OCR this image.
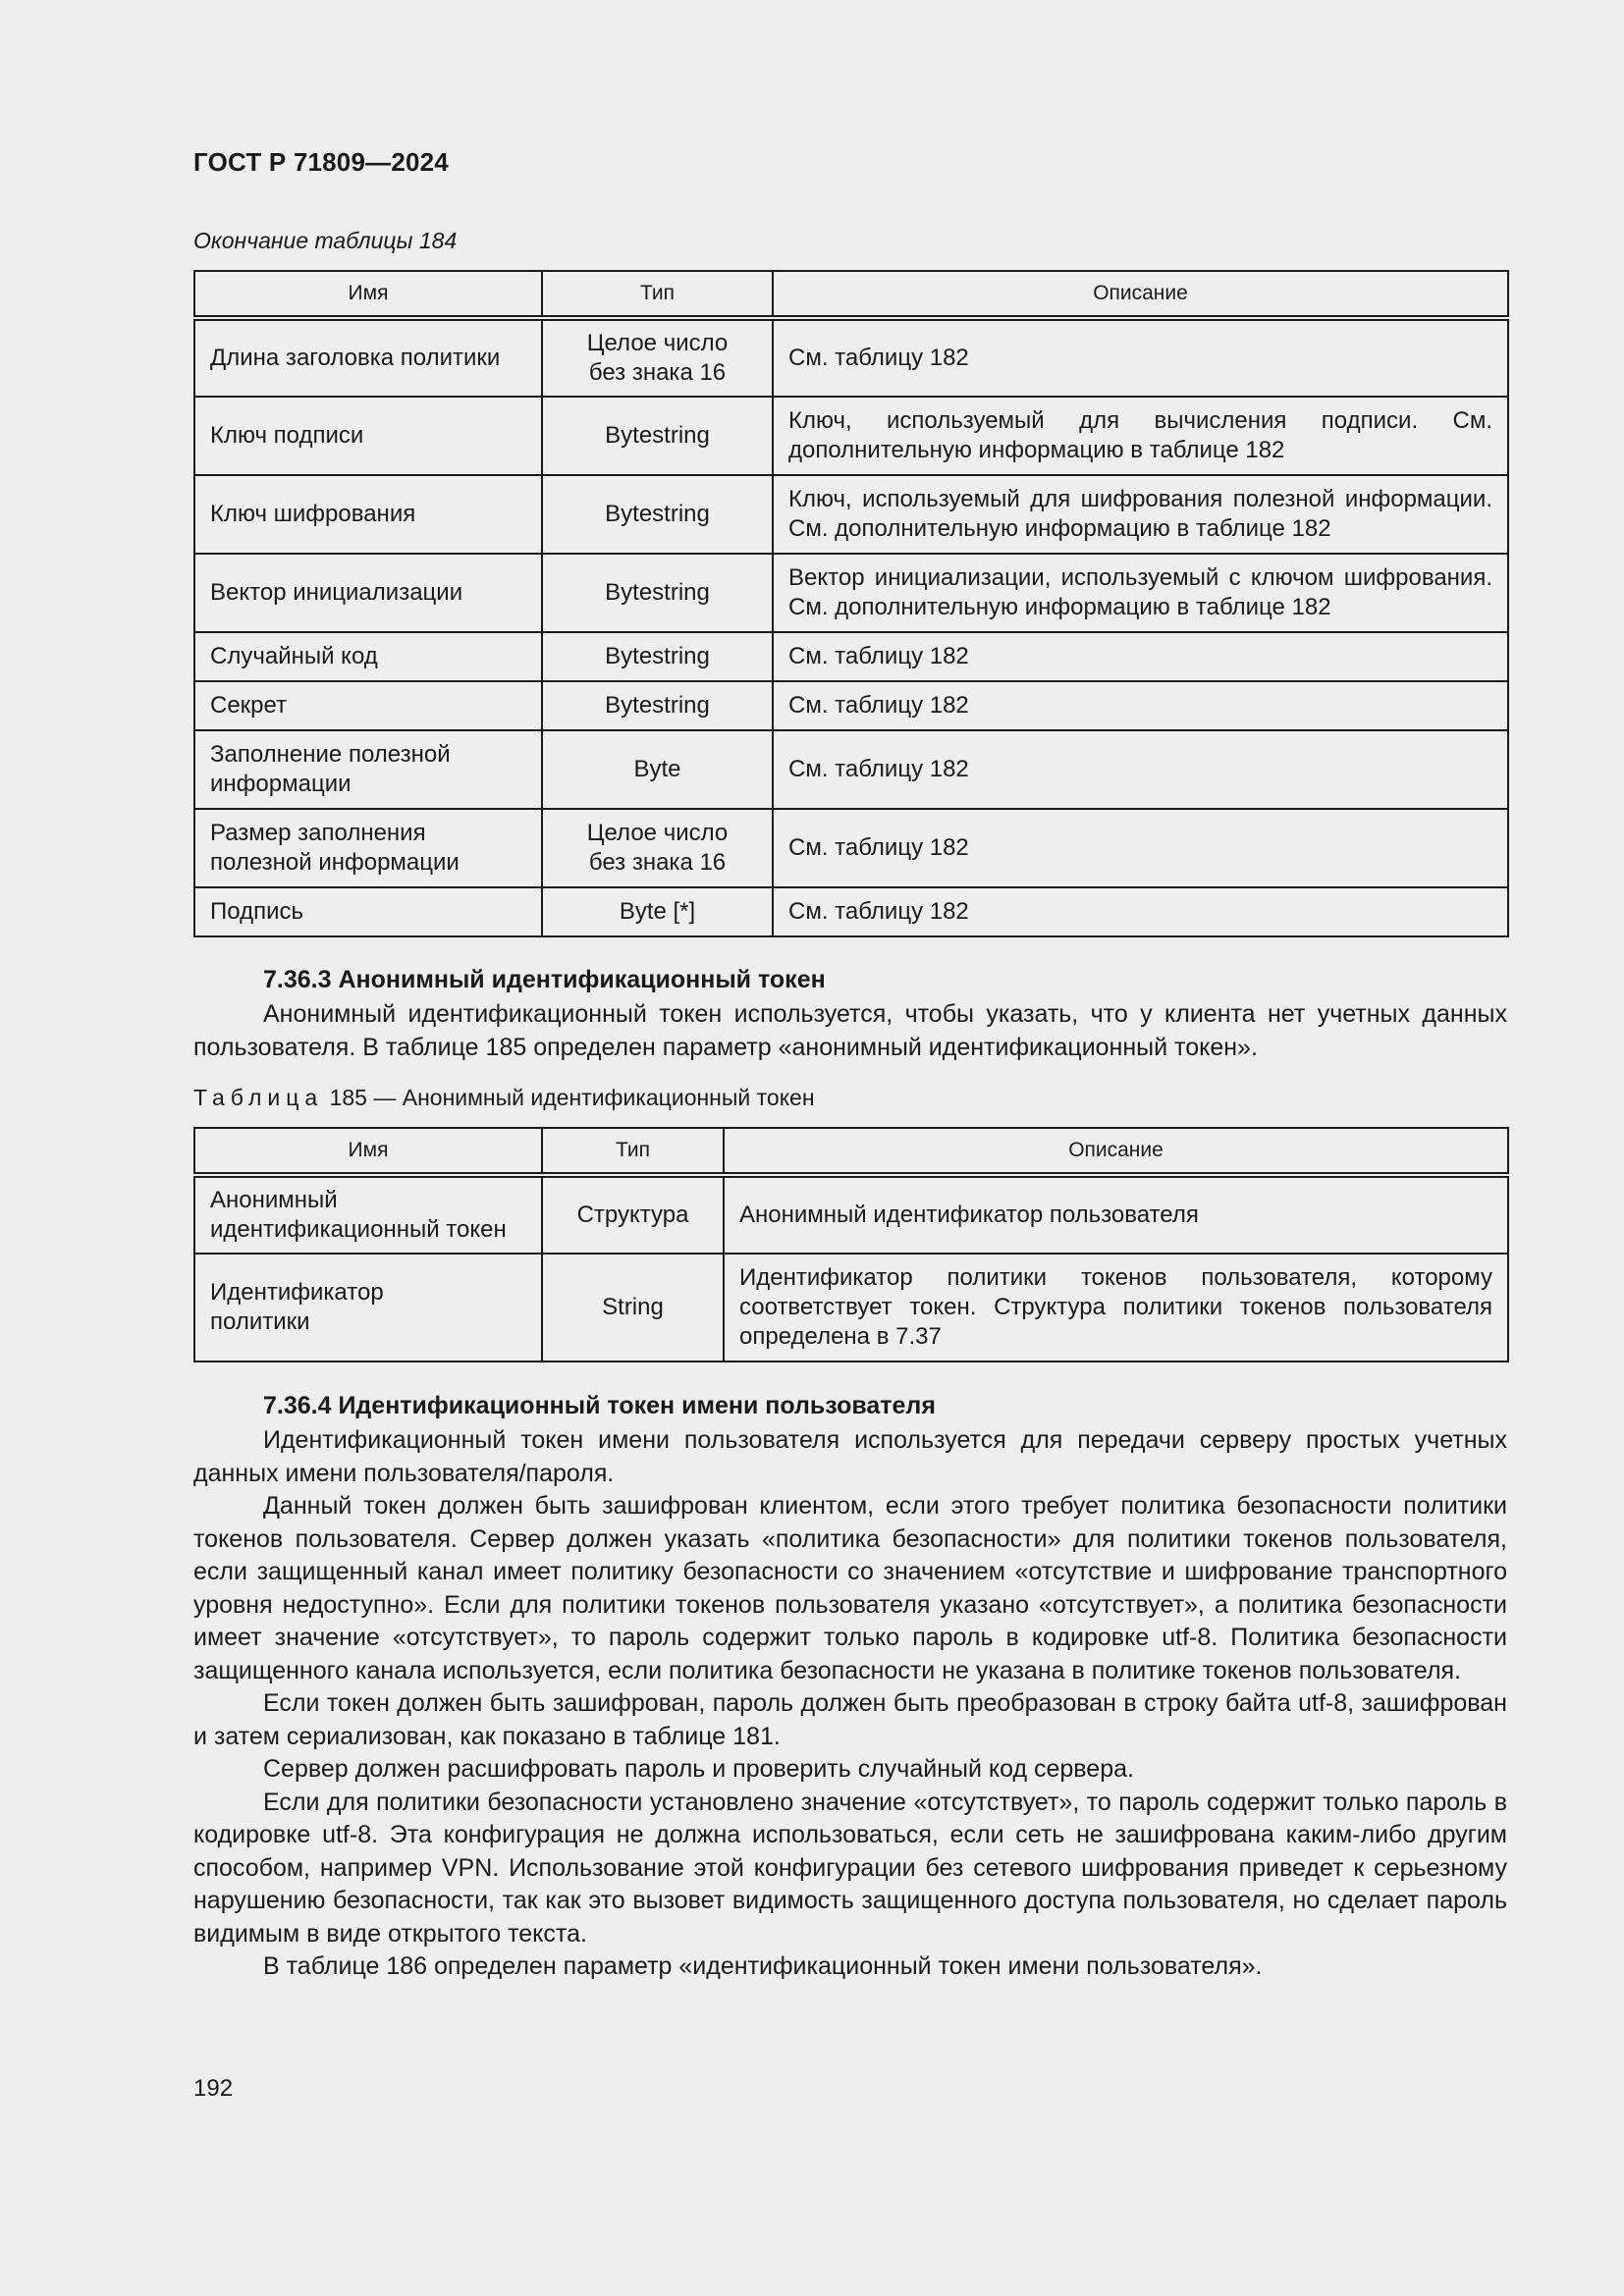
ГОСТ Р 71809—2024
Окончание таблицы 184
Имя	Тип	Описание
Длина заголовка политики	Целое число без знака 16	См. таблицу 182
Ключ подписи	Bytestring	Ключ, используемый для вычисления подписи. См. дополнительную информацию в таблице 182
Ключ шифрования	Bytestring	Ключ, используемый для шифрования полезной информации. См. дополнительную информацию в таблице 182
Вектор инициализации	Bytestring	Вектор инициализации, используемый с ключом шифрования. См. дополнительную информацию в таблице 182
Случайный код	Bytestring	См. таблицу 182
Секрет	Bytestring	См. таблицу 182
Заполнение полезной информации	Byte	См. таблицу 182
Размер заполнения полезной информации	Целое число без знака 16	См. таблицу 182
Подпись	Byte [*]	См. таблицу 182
7.36.3 Анонимный идентификационный токен

Анонимный идентификационный токен используется, чтобы указать, что у клиента нет учетных данных пользователя. В таблице 185 определен параметр «анонимный идентификационный токен».

Таблица 185 — Анонимный идентификационный токен
Имя	Тип	Описание
Анонимный идентификационный токен	Структура	Анонимный идентификатор пользователя
Идентификатор политики	String	Идентификатор политики токенов пользователя, которому соответствует токен. Структура политики токенов пользователя определена в 7.37
7.36.4 Идентификационный токен имени пользователя

Идентификационный токен имени пользователя используется для передачи серверу простых учетных данных имени пользователя/пароля.

Данный токен должен быть зашифрован клиентом, если этого требует политика безопасности политики токенов пользователя. Сервер должен указать «политика безопасности» для политики токенов пользователя, если защищенный канал имеет политику безопасности со значением «отсутствие и шифрование транспортного уровня недоступно». Если для политики токенов пользователя указано «отсутствует», а политика безопасности имеет значение «отсутствует», то пароль содержит только пароль в кодировке utf-8. Политика безопасности защищенного канала используется, если политика безопасности не указана в политике токенов пользователя.

Если токен должен быть зашифрован, пароль должен быть преобразован в строку байта utf-8, зашифрован и затем сериализован, как показано в таблице 181.

Сервер должен расшифровать пароль и проверить случайный код сервера.

Если для политики безопасности установлено значение «отсутствует», то пароль содержит только пароль в кодировке utf-8. Эта конфигурация не должна использоваться, если сеть не зашифрована каким-либо другим способом, например VPN. Использование этой конфигурации без сетевого шифрования приведет к серьезному нарушению безопасности, так как это вызовет видимость защищенного доступа пользователя, но сделает пароль видимым в виде открытого текста.

В таблице 186 определен параметр «идентификационный токен имени пользователя».

192
